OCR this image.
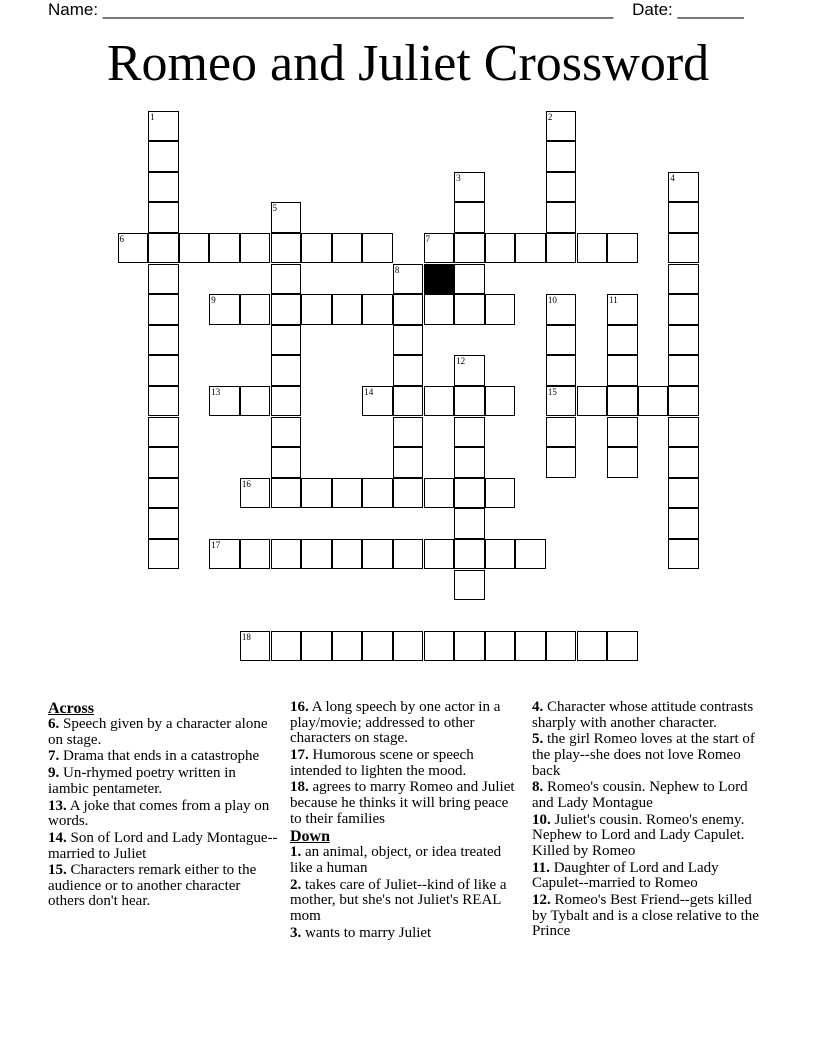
Name: ______________________________________________________ Date: _______
Romeo and Juliet Crossword
1	2
3	4
5
6	7
8
9	10
15
11
12
13	14
16
17
18
Across
6. Speech given by a character alone on stage.
7. Drama that ends in a catastrophe
9. Un-rhymed poetry written in iambic pentameter.
13. A joke that comes from a play on words.
14. Son of Lord and Lady Montague--married to Juliet
15. Characters remark either to the audience or to another character others don't hear.
16. A long speech by one actor in a play/movie; addressed to other characters on stage.
17. Humorous scene or speech intended to lighten the mood.
18. agrees to marry Romeo and Juliet because he thinks it will bring peace to their families
Down
1. an animal, object, or idea treated like a human
2. takes care of Juliet--kind of like a mother, but she's not Juliet's REAL mom
3. wants to marry Juliet
4. Character whose attitude contrasts sharply with another character.
5. the girl Romeo loves at the start of the play--she does not love Romeo back
8. Romeo's cousin. Nephew to Lord and Lady Montague
10. Juliet's cousin. Romeo's enemy. Nephew to Lord and Lady Capulet. Killed by Romeo
11. Daughter of Lord and Lady Capulet--married to Romeo
12. Romeo's Best Friend--gets killed by Tybalt and is a close relative to the Prince
